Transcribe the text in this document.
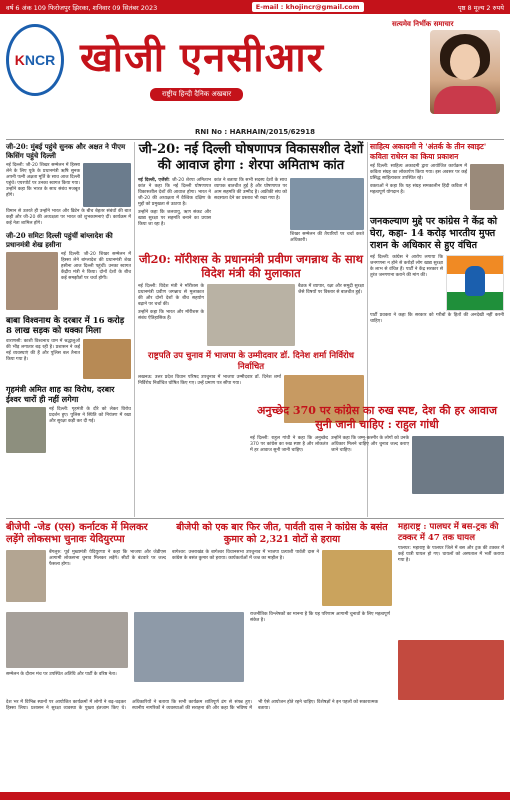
वर्ष 6 अंक 109 फिरोजपुर झिरका, शनिवार 09 सितंबर 2023	E-mail : khojincr@gmail.com	पृष्ठ 8 मूल्य 2 रुपये
KNCR खोजी एनसीआर
राष्ट्रीय हिन्दी दैनिक अखबार
सत्यमेव निर्भीक समाचार
RNI No : HARHAIN/2015/62918
जी-20: मुंबई पहुंचे सुनक और अक्षत ने पीएम किसिंग पहुंचे दिल्ली

नई दिल्ली: जी-20 शिखर सम्मेलन में हिस्सा लेने के लिए यूके के प्रधानमंत्री ऋषि सुनक अपनी पत्नी अक्षता मूर्ति के साथ आज दिल्ली पहुंचे। एयरपोर्ट पर उनका स्वागत किया गया। उन्होंने कहा कि भारत के साथ संबंध मजबूत होंगे।

विमान से उतरते ही उन्होंने भारत और ब्रिटेन के बीच बेहतर संबंधों की बात कही और जी-20 की अध्यक्षता पर भारत को शुभकामनाएं दीं। कार्यक्रम में कई नेता शामिल होंगे।

जी-20 समिटः दिल्ली पहुंचीं बांग्लादेश की प्रधानमंत्री शेख हसीना

नई दिल्ली: जी-20 शिखर सम्मेलन में हिस्सा लेने बांग्लादेश की प्रधानमंत्री शेख हसीना आज दिल्ली पहुंचीं। उनका स्वागत केंद्रीय मंत्री ने किया। दोनों देशों के बीच कई समझौतों पर चर्चा होगी।

बाबा विश्वनाथ के दरबार में 16 करोड़ 8 लाख सड़क को धक्का मिला

वाराणसी: काशी विश्वनाथ धाम में श्रद्धालुओं की भीड़ लगातार बढ़ रही है। प्रशासन ने कई नई व्यवस्थाएं की हैं और पुलिस बल तैनात किया गया है।

गृहमंत्री अमित शाह का विरोध, दरबार ईश्वर चारों ही नहीं लगेगा

नई दिल्ली: गृहमंत्री के दौरे को लेकर विरोध प्रदर्शन हुए। पुलिस ने स्थिति को नियंत्रण में रखा और सुरक्षा कड़ी कर दी गई।

जी-20: नई दिल्ली घोषणापत्र विकासशील देशों की आवाज होगा : शेरपा अमिताभ कांत

नई दिल्ली, एजेंसी: जी-20 शेरपा अमिताभ कांत ने कहा कि नई दिल्ली घोषणापत्र विकासशील देशों की आवाज होगा। भारत ने जी-20 की अध्यक्षता में वैश्विक दक्षिण के मुद्दों को प्रमुखता से उठाया है।

उन्होंने कहा कि जलवायु, ऋण संकट और खाद्य सुरक्षा पर सहमति बनाने का प्रयास किया जा रहा है।

कांत ने बताया कि सभी सदस्य देशों के साथ व्यापक बातचीत हुई है और घोषणापत्र पर आम सहमति की उम्मीद है। अफ्रीकी संघ को सदस्यता देने का प्रस्ताव भी रखा गया है।

शिखर सम्मेलन की तैयारियों पर चर्चा करते अधिकारी।

जी20: मॉरीशस के प्रधानमंत्री प्रवीण जगन्नाथ के साथ विदेश मंत्री की मुलाकात

नई दिल्ली: विदेश मंत्री ने मॉरीशस के प्रधानमंत्री प्रवीण जगन्नाथ से मुलाकात की और दोनों देशों के बीच सहयोग बढ़ाने पर चर्चा की।

उन्होंने कहा कि भारत और मॉरीशस के संबंध ऐतिहासिक हैं।

बैठक में व्यापार, रक्षा और समुद्री सुरक्षा जैसे विषयों पर विस्तार से बातचीत हुई।

राष्ट्रपति उप चुनाव में भाजपा के उम्मीदवार डॉ. दिनेश शर्मा निर्विरोध निर्वाचित

लखनऊ: उत्तर प्रदेश विधान परिषद उपचुनाव में भाजपा उम्मीदवार डॉ. दिनेश शर्मा निर्विरोध निर्वाचित घोषित किए गए। उन्हें प्रमाण पत्र सौंपा गया।

साहित्य अकादमी ने 'अंतर्क के तीन स्वाइट' कविता राधेरन का किया प्रकाशन

नई दिल्ली: साहित्य अकादमी द्वारा आयोजित कार्यक्रम में कविता संग्रह का लोकार्पण किया गया। इस अवसर पर कई प्रसिद्ध साहित्यकार उपस्थित रहे।

वक्ताओं ने कहा कि यह संग्रह समकालीन हिंदी कविता में महत्वपूर्ण योगदान है।

जनकल्याण मुद्दे पर कांग्रेस ने केंद्र को घेरा, कहा- 14 करोड़ भारतीय मुफ्त राशन के अधिकार से हुए वंचित

नई दिल्ली: कांग्रेस ने आरोप लगाया कि जनगणना न होने से करोड़ों लोग खाद्य सुरक्षा के लाभ से वंचित हैं। पार्टी ने केंद्र सरकार से तुरंत जनगणना कराने की मांग की।

पार्टी प्रवक्ता ने कहा कि सरकार को गरीबों के हितों की अनदेखी नहीं करनी चाहिए।

अनुच्छेद 370 पर कांग्रेस का रुख स्पष्ट, देश की हर आवाज सुनी जानी चाहिए : राहुल गांधी

नई दिल्ली: राहुल गांधी ने कहा कि अनुच्छेद 370 पर कांग्रेस का रुख स्पष्ट है और लोकतंत्र में हर आवाज सुनी जानी चाहिए।

उन्होंने कहा कि जम्मू-कश्मीर के लोगों को उनके अधिकार मिलने चाहिए और चुनाव जल्द कराए जाने चाहिए।

बीजेपी -जेड (एस) कर्नाटक में मिलकर लड़ेंगे लोकसभा चुनावः येदियुरप्पा

बेंगलुरु: पूर्व मुख्यमंत्री येदियुरप्पा ने कहा कि भाजपा और जेडीएस आगामी लोकसभा चुनाव मिलकर लड़ेंगे। सीटों के बंटवारे पर जल्द फैसला होगा।

बीजेपी को एक बार फिर जीत, पार्वती दास ने कांग्रेस के बसंत कुमार को 2,321 वोटों से हराया

बागेश्वर: उत्तराखंड के बागेश्वर विधानसभा उपचुनाव में भाजपा प्रत्याशी पार्वती दास ने कांग्रेस के बसंत कुमार को हराया। कार्यकर्ताओं में जश्न का माहौल है।

महाराष्ट्र : पालघर में बस-ट्रक की टक्कर में 47 तक घायल

पालघर: महाराष्ट्र के पालघर जिले में बस और ट्रक की टक्कर में कई यात्री घायल हो गए। घायलों को अस्पताल में भर्ती कराया गया है।

सम्मेलन के दौरान मंच पर उपस्थित अतिथि और पार्टी के वरिष्ठ नेता।

राजनीतिक विश्लेषकों का मानना है कि यह परिणाम आगामी चुनावों के लिए महत्वपूर्ण संकेत है।

देश भर में विभिन्न स्थानों पर आयोजित कार्यक्रमों में लोगों ने बढ़-चढ़कर हिस्सा लिया। प्रशासन ने सुरक्षा व्यवस्था के पुख्ता इंतजाम किए थे। अधिकारियों ने बताया कि सभी कार्यक्रम शांतिपूर्ण ढंग से संपन्न हुए। स्थानीय नागरिकों ने व्यवस्थाओं की सराहना की और कहा कि भविष्य में भी ऐसे आयोजन होते रहने चाहिए। विशेषज्ञों ने इन पहलों को सकारात्मक बताया।
